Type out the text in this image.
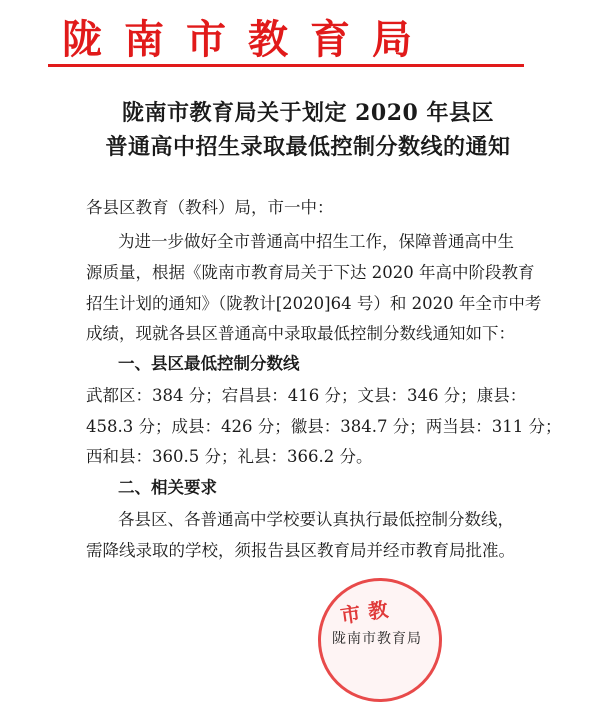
陇南市教育局
陇南市教育局关于划定 2020 年县区
普通高中招生录取最低控制分数线的通知
各县区教育（教科）局，市一中：
为进一步做好全市普通高中招生工作，保障普通高中生
源质量，根据《陇南市教育局关于下达 2020 年高中阶段教育
招生计划的通知》（陇教计[2020]64 号）和 2020 年全市中考
成绩，现就各县区普通高中录取最低控制分数线通知如下：
一、县区最低控制分数线
武都区：384 分；宕昌县：416 分；文县：346 分；康县：
458.3 分；成县：426 分；徽县：384.7 分；两当县：311 分；
西和县：360.5 分；礼县：366.2 分。
二、相关要求
各县区、各普通高中学校要认真执行最低控制分数线，
需降线录取的学校，须报告县区教育局并经市教育局批准。
市教
陇南市教育局
